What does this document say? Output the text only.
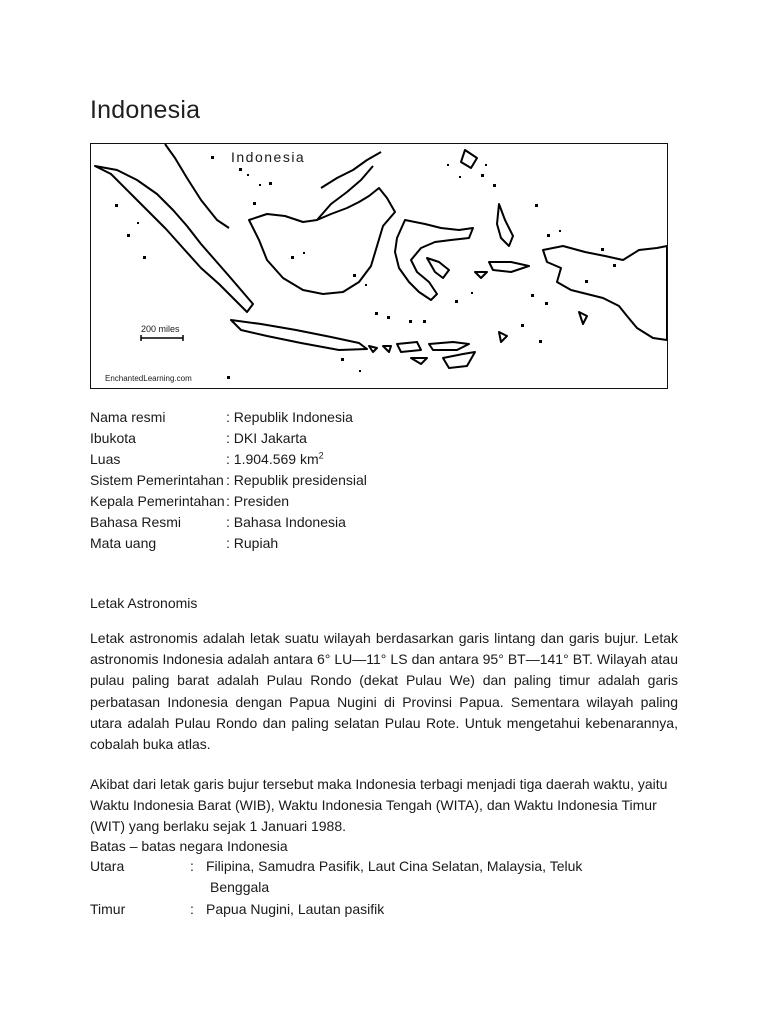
Indonesia
Indonesia
200 miles
EnchantedLearning.com
Nama resmi	: Republik Indonesia
Ibukota	: DKI Jakarta
Luas	: 1.904.569 $km^2$
Sistem Pemerintahan : Republik presidensial
Kepala Pemerintahan : Presiden
Bahasa Resmi	: Bahasa Indonesia
Mata uang	: Rupiah
Letak Astronomis

Letak astronomis adalah letak suatu wilayah berdasarkan garis lintang dan garis bujur. Letak astronomis Indonesia adalah antara 6° LU—11° LS dan antara 95° BT—141° BT. Wilayah atau pulau paling barat adalah Pulau Rondo (dekat Pulau We) dan paling timur adalah garis perbatasan Indonesia dengan Papua Nugini di Provinsi Papua. Sementara wilayah paling utara adalah Pulau Rondo dan paling selatan Pulau Rote. Untuk mengetahui kebenarannya, cobalah buka atlas.

Akibat dari letak garis bujur tersebut maka Indonesia terbagi menjadi tiga daerah waktu, yaitu Waktu Indonesia Barat (WIB), Waktu Indonesia Tengah (WITA), dan Waktu Indonesia Timur (WIT) yang berlaku sejak 1 Januari 1988.

Batas – batas negara Indonesia

Utara	: Filipina, Samudra Pasifik, Laut Cina Selatan, Malaysia, Teluk
Benggala
Timur	: Papua Nugini, Lautan pasifik
